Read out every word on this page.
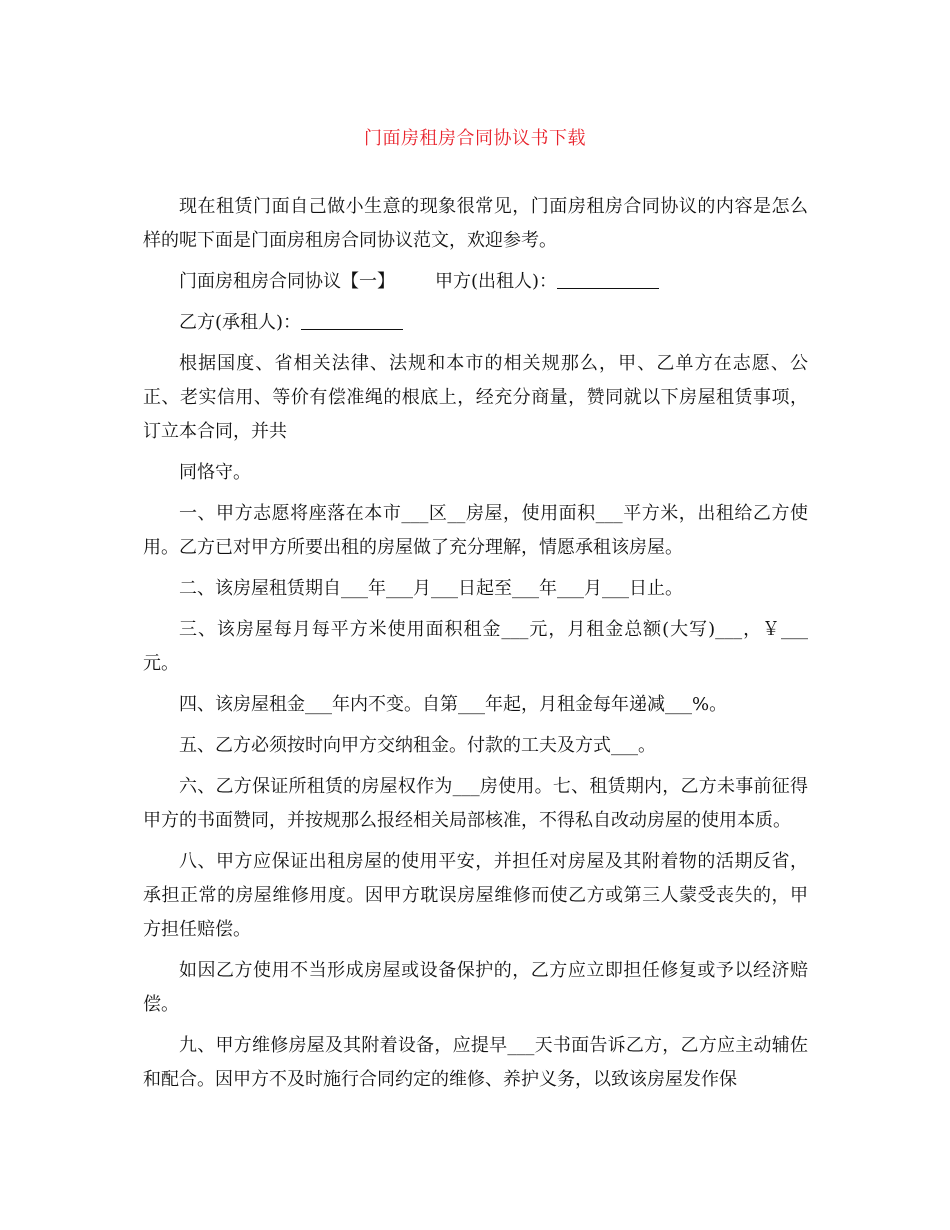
门面房租房合同协议书下载

现在租赁门面自己做小生意的现象很常见，门面房租房合同协议的内容是怎么样的呢下面是门面房租房合同协议范文，欢迎参考。

门面房租房合同协议【一】 甲方(出租人)：

乙方(承租人)：

根据国度、省相关法律、法规和本市的相关规那么，甲、乙单方在志愿、公正、老实信用、等价有偿准绳的根底上，经充分商量，赞同就以下房屋租赁事项，订立本合同，并共

同恪守。

一、甲方志愿将座落在本市___区__房屋，使用面积___平方米，出租给乙方使用。乙方已对甲方所要出租的房屋做了充分理解，情愿承租该房屋。

二、该房屋租赁期自___年___月___日起至___年___月___日止。

三、该房屋每月每平方米使用面积租金___元，月租金总额(大写)___，￥___元。

四、该房屋租金___年内不变。自第___年起，月租金每年递减___%。

五、乙方必须按时向甲方交纳租金。付款的工夫及方式___。

六、乙方保证所租赁的房屋权作为___房使用。七、租赁期内，乙方未事前征得甲方的书面赞同，并按规那么报经相关局部核准，不得私自改动房屋的使用本质。

八、甲方应保证出租房屋的使用平安，并担任对房屋及其附着物的活期反省，承担正常的房屋维修用度。因甲方耽误房屋维修而使乙方或第三人蒙受丧失的，甲方担任赔偿。

如因乙方使用不当形成房屋或设备保护的，乙方应立即担任修复或予以经济赔偿。

九、甲方维修房屋及其附着设备，应提早___天书面告诉乙方，乙方应主动辅佐和配合。因甲方不及时施行合同约定的维修、养护义务，以致该房屋发作保
